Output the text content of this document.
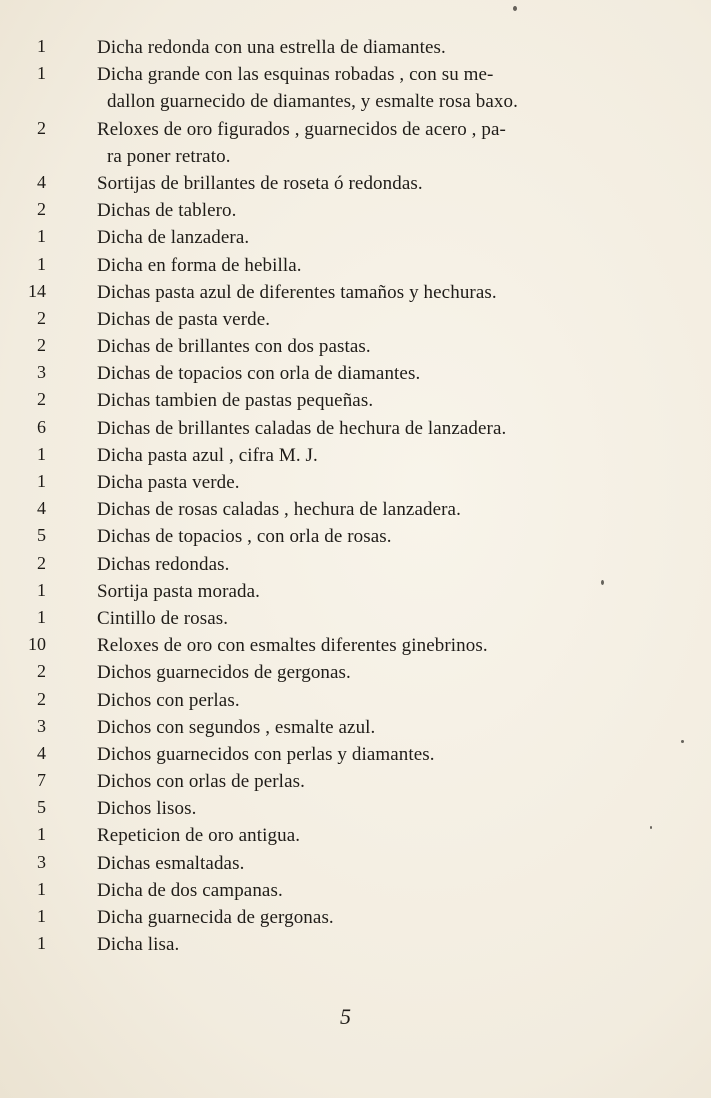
1	Dicha redonda con una estrella de diamantes.
1	Dicha grande con las esquinas robadas , con su me-
dallon guarnecido de diamantes, y esmalte rosa baxo.
2	Reloxes de oro figurados , guarnecidos de acero , pa-
ra poner retrato.
4	Sortijas de brillantes de roseta ó redondas.
2	Dichas de tablero.
1	Dicha de lanzadera.
1	Dicha en forma de hebilla.
14	Dichas pasta azul de diferentes tamaños y hechuras.
2	Dichas de pasta verde.
2	Dichas de brillantes con dos pastas.
3	Dichas de topacios con orla de diamantes.
2	Dichas tambien de pastas pequeñas.
6	Dichas de brillantes caladas de hechura de lanzadera.
1	Dicha pasta azul , cifra M. J.
1	Dicha pasta verde.
4	Dichas de rosas caladas , hechura de lanzadera.
5	Dichas de topacios , con orla de rosas.
2	Dichas redondas.
1	Sortija pasta morada.
1	Cintillo de rosas.
10	Reloxes de oro con esmaltes diferentes ginebrinos.
2	Dichos guarnecidos de gergonas.
2	Dichos con perlas.
3	Dichos con segundos , esmalte azul.
4	Dichos guarnecidos con perlas y diamantes.
7	Dichos con orlas de perlas.
5	Dichos lisos.
1	Repeticion de oro antigua.
3	Dichas esmaltadas.
1	Dicha de dos campanas.
1	Dicha guarnecida de gergonas.
1	Dicha lisa.
5
